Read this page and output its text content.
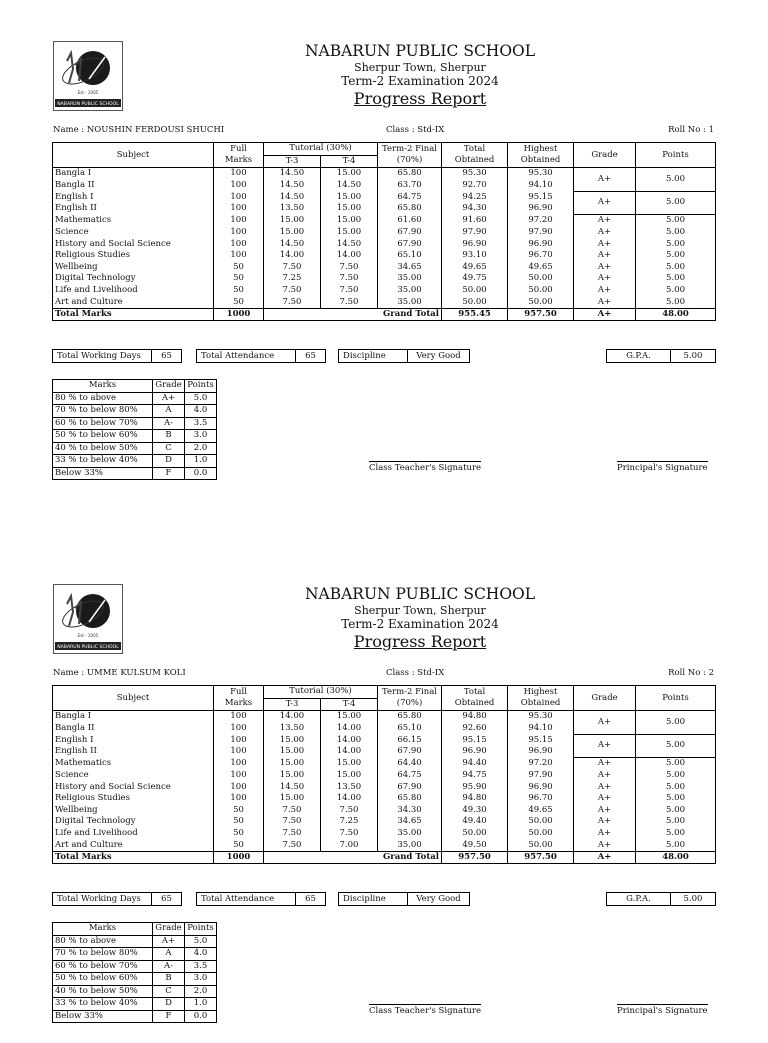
Est - 2005
NABARUN PUBLIC SCHOOL
NABARUN PUBLIC SCHOOL
Sherpur Town, Sherpur
Term-2 Examination 2024
Progress Report
Name : NOUSHIN FERDOUSI SHUCHI	Class : Std-IX	Roll No : 1
Subject	Full Marks	Tutorial (30%)		Term-2 Final (70%)	Total Obtained	Highest Obtained	Grade	Points
		T-3	T-4					
Bangla I	100	14.50	15.00	65.80	95.30	95.30	A+	5.00
Bangla II	100	14.50	14.50	63.70	92.70	94.10		
English I	100	14.50	15.00	64.75	94.25	95.15	A+	5.00
English II	100	13.50	15.00	65.80	94.30	96.90		
Mathematics	100	15.00	15.00	61.60	91.60	97.20	A+	5.00
Science	100	15.00	15.00	67.90	97.90	97.90	A+	5.00
History and Social Science	100	14.50	14.50	67.90	96.90	96.90	A+	5.00
Religious Studies	100	14.00	14.00	65.10	93.10	96.70	A+	5.00
Wellbeing	50	7.50	7.50	34.65	49.65	49.65	A+	5.00
Digital Technology	50	7.25	7.50	35.00	49.75	50.00	A+	5.00
Life and Livelihood	50	7.50	7.50	35.00	50.00	50.00	A+	5.00
Art and Culture	50	7.50	7.50	35.00	50.00	50.00	A+	5.00
Total Marks	1000	Grand Total			955.45	957.50	A+	48.00
Total Working Days	65	Total Attendance	65	Discipline	Very Good	G.P.A.	5.00
Marks	Grade	Points
80 % to above	A+	5.0
70 % to below 80%	A	4.0
60 % to below 70%	A-	3.5
50 % to below 60%	B	3.0
40 % to below 50%	C	2.0
33 % to below 40%	D	1.0
Below 33%	F	0.0	Class Teacher's Signature	Principal's Signature
Est - 2005
NABARUN PUBLIC SCHOOL
NABARUN PUBLIC SCHOOL
Sherpur Town, Sherpur
Term-2 Examination 2024
Progress Report
Name : UMME KULSUM KOLI	Class : Std-IX	Roll No : 2
Subject	Full Marks	Tutorial (30%)		Term-2 Final (70%)	Total Obtained	Highest Obtained	Grade	Points
		T-3	T-4					
Bangla I	100	14.00	15.00	65.80	94.80	95.30	A+	5.00
Bangla II	100	13.50	14.00	65.10	92.60	94.10		
English I	100	15.00	14.00	66.15	95.15	95.15	A+	5.00
English II	100	15.00	14.00	67.90	96.90	96.90		
Mathematics	100	15.00	15.00	64.40	94.40	97.20	A+	5.00
Science	100	15.00	15.00	64.75	94.75	97.90	A+	5.00
History and Social Science	100	14.50	13.50	67.90	95.90	96.90	A+	5.00
Religious Studies	100	15.00	14.00	65.80	94.80	96.70	A+	5.00
Wellbeing	50	7.50	7.50	34.30	49.30	49.65	A+	5.00
Digital Technology	50	7.50	7.25	34.65	49.40	50.00	A+	5.00
Life and Livelihood	50	7.50	7.50	35.00	50.00	50.00	A+	5.00
Art and Culture	50	7.50	7.00	35.00	49.50	50.00	A+	5.00
Total Marks	1000	Grand Total			957.50	957.50	A+	48.00
Total Working Days	65	Total Attendance	65	Discipline	Very Good	G.P.A.	5.00
Marks	Grade	Points
80 % to above	A+	5.0
70 % to below 80%	A	4.0
60 % to below 70%	A-	3.5
50 % to below 60%	B	3.0
40 % to below 50%	C	2.0
33 % to below 40%	D	1.0
Below 33%	F	0.0	Class Teacher's Signature	Principal's Signature
